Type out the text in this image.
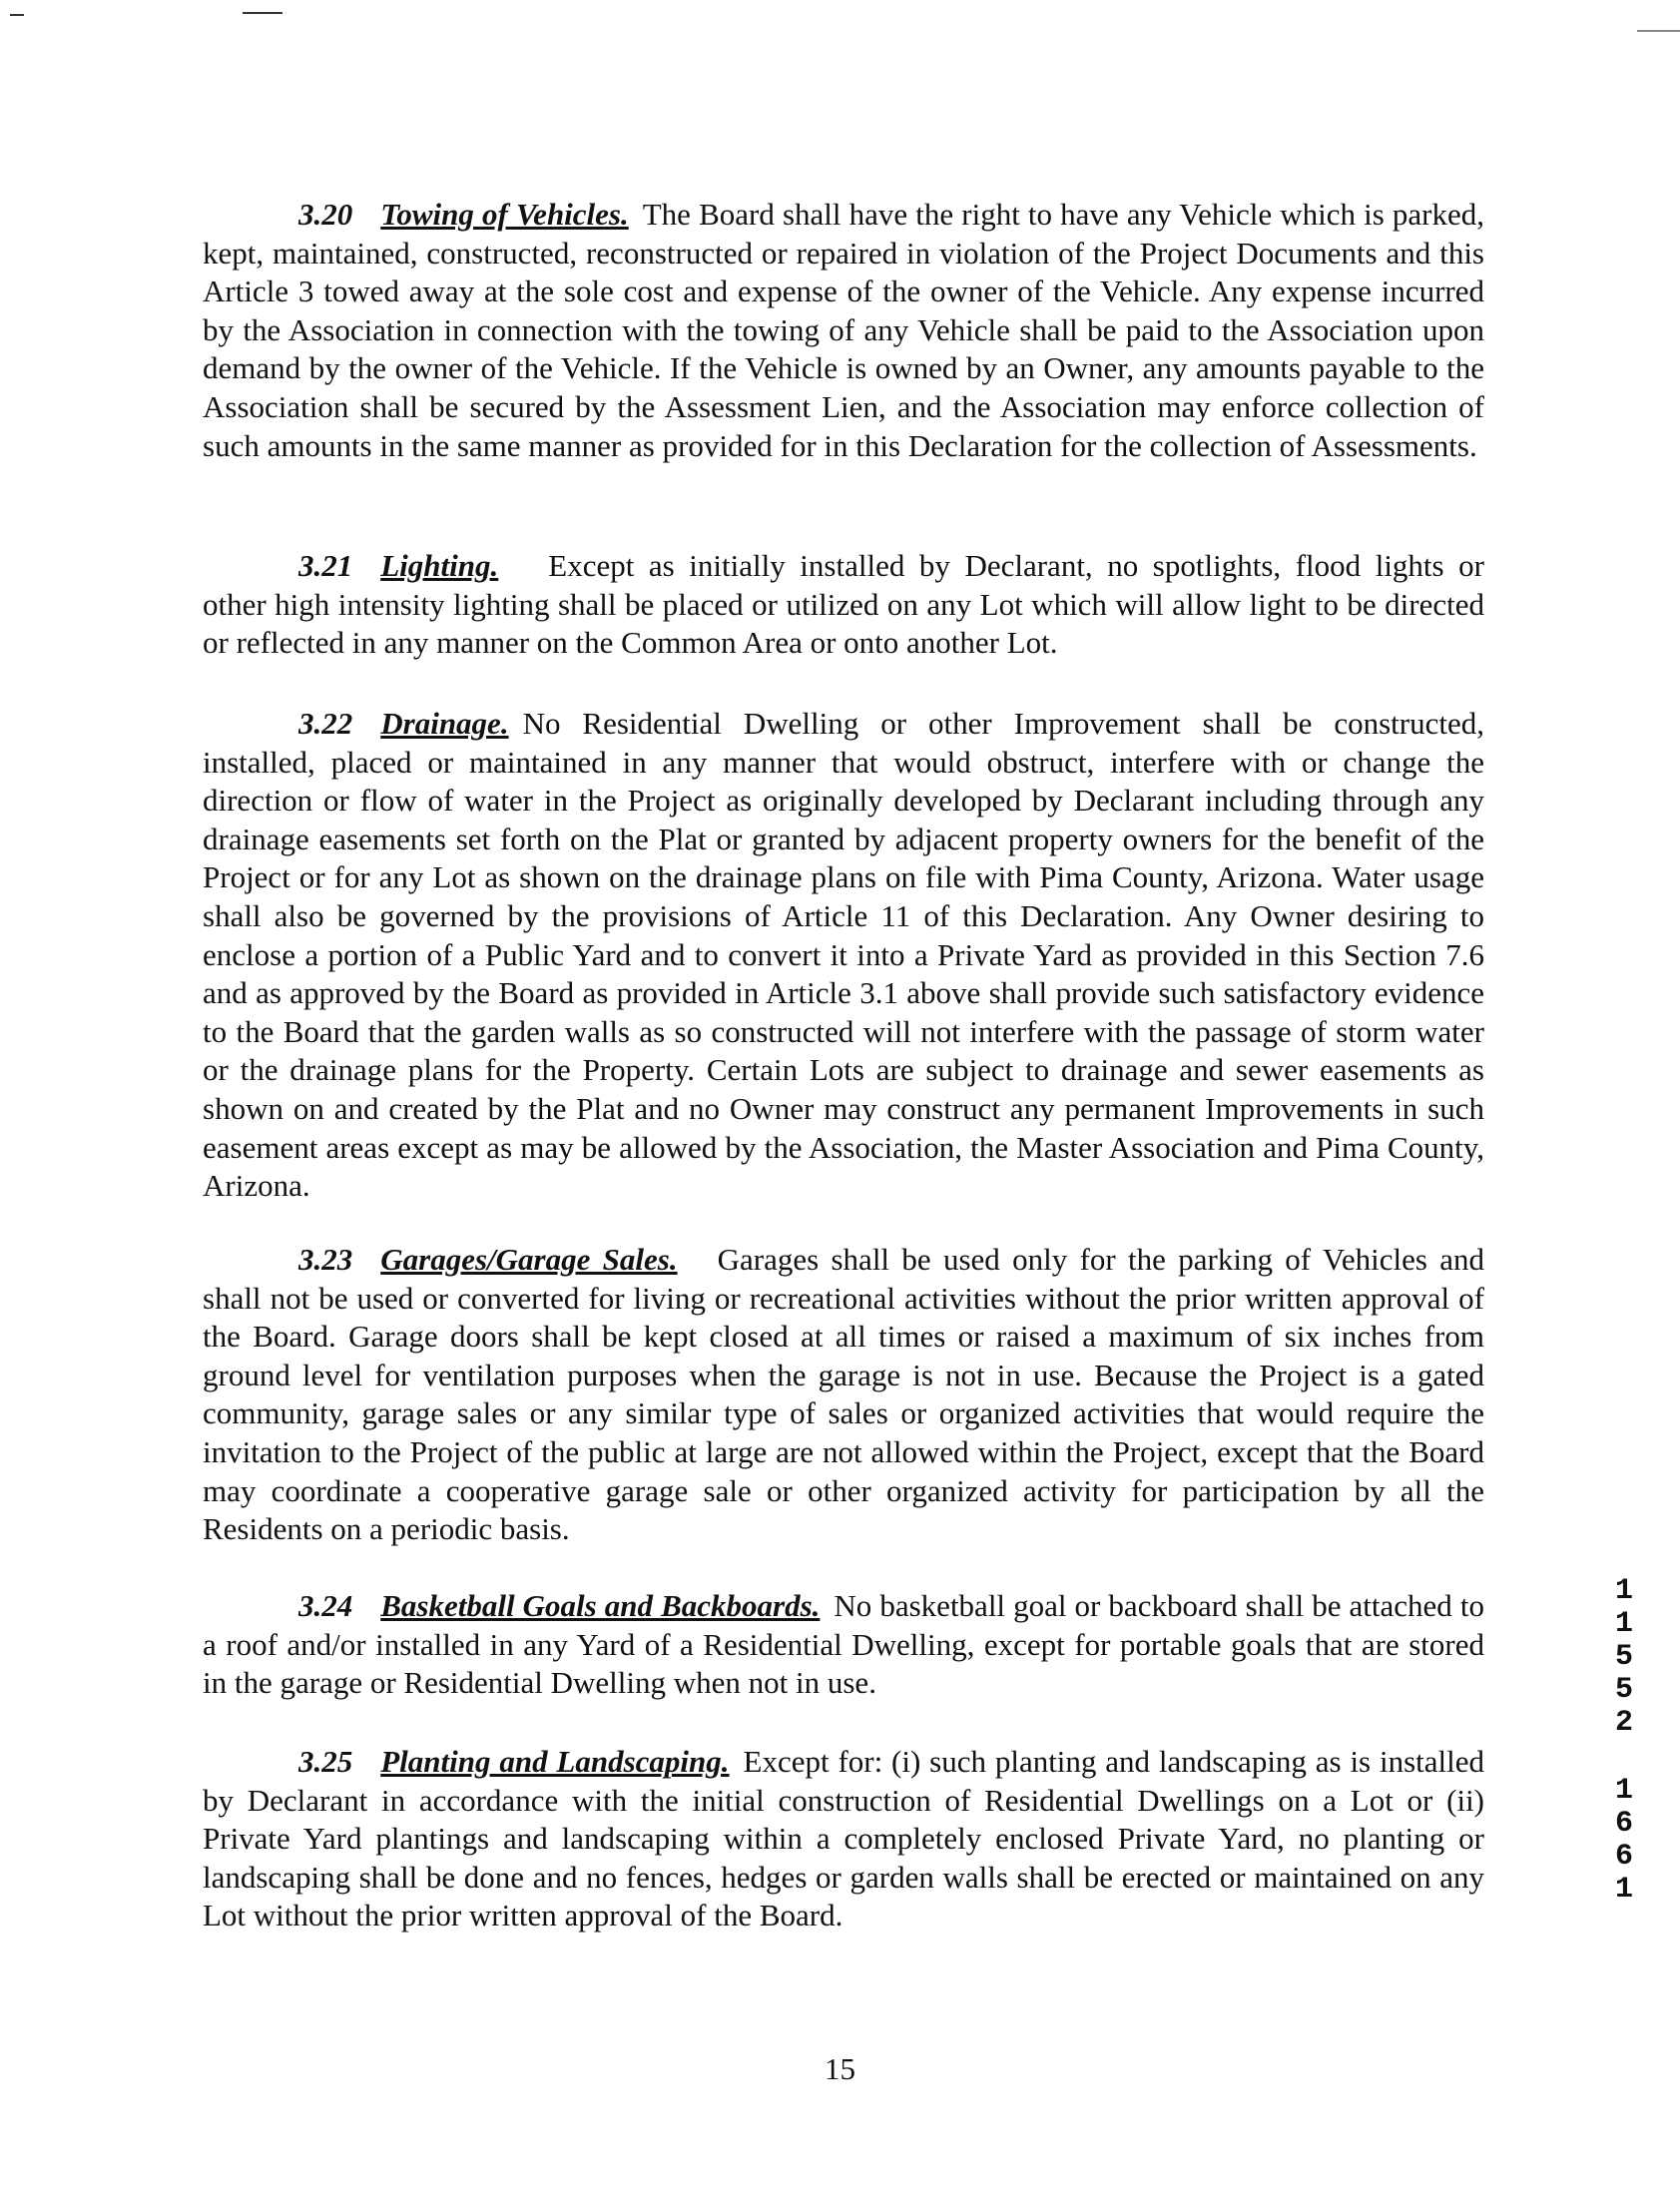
3.20 Towing of Vehicles. The Board shall have the right to have any Vehicle which is parked, kept, maintained, constructed, reconstructed or repaired in violation of the Project Documents and this Article 3 towed away at the sole cost and expense of the owner of the Vehicle. Any expense incurred by the Association in connection with the towing of any Vehicle shall be paid to the Association upon demand by the owner of the Vehicle. If the Vehicle is owned by an Owner, any amounts payable to the Association shall be secured by the Assessment Lien, and the Association may enforce collection of such amounts in the same manner as provided for in this Declaration for the collection of Assessments.

3.21 Lighting. Except as initially installed by Declarant, no spotlights, flood lights or other high intensity lighting shall be placed or utilized on any Lot which will allow light to be directed or reflected in any manner on the Common Area or onto another Lot.

3.22 Drainage. No Residential Dwelling or other Improvement shall be constructed, installed, placed or maintained in any manner that would obstruct, interfere with or change the direction or flow of water in the Project as originally developed by Declarant including through any drainage easements set forth on the Plat or granted by adjacent property owners for the benefit of the Project or for any Lot as shown on the drainage plans on file with Pima County, Arizona. Water usage shall also be governed by the provisions of Article 11 of this Declaration. Any Owner desiring to enclose a portion of a Public Yard and to convert it into a Private Yard as provided in this Section 7.6 and as approved by the Board as provided in Article 3.1 above shall provide such satisfactory evidence to the Board that the garden walls as so constructed will not interfere with the passage of storm water or the drainage plans for the Property. Certain Lots are subject to drainage and sewer easements as shown on and created by the Plat and no Owner may construct any permanent Improvements in such easement areas except as may be allowed by the Association, the Master Association and Pima County, Arizona.

3.23 Garages/Garage Sales. Garages shall be used only for the parking of Vehicles and shall not be used or converted for living or recreational activities without the prior written approval of the Board. Garage doors shall be kept closed at all times or raised a maximum of six inches from ground level for ventilation purposes when the garage is not in use. Because the Project is a gated community, garage sales or any similar type of sales or organized activities that would require the invitation to the Project of the public at large are not allowed within the Project, except that the Board may coordinate a cooperative garage sale or other organized activity for participation by all the Residents on a periodic basis.

3.24 Basketball Goals and Backboards. No basketball goal or backboard shall be attached to a roof and/or installed in any Yard of a Residential Dwelling, except for portable goals that are stored in the garage or Residential Dwelling when not in use.

3.25 Planting and Landscaping. Except for: (i) such planting and landscaping as is installed by Declarant in accordance with the initial construction of Residential Dwellings on a Lot or (ii) Private Yard plantings and landscaping within a completely enclosed Private Yard, no planting or landscaping shall be done and no fences, hedges or garden walls shall be erected or maintained on any Lot without the prior written approval of the Board.

1
1
5
5
2
1
6
6
1
15
